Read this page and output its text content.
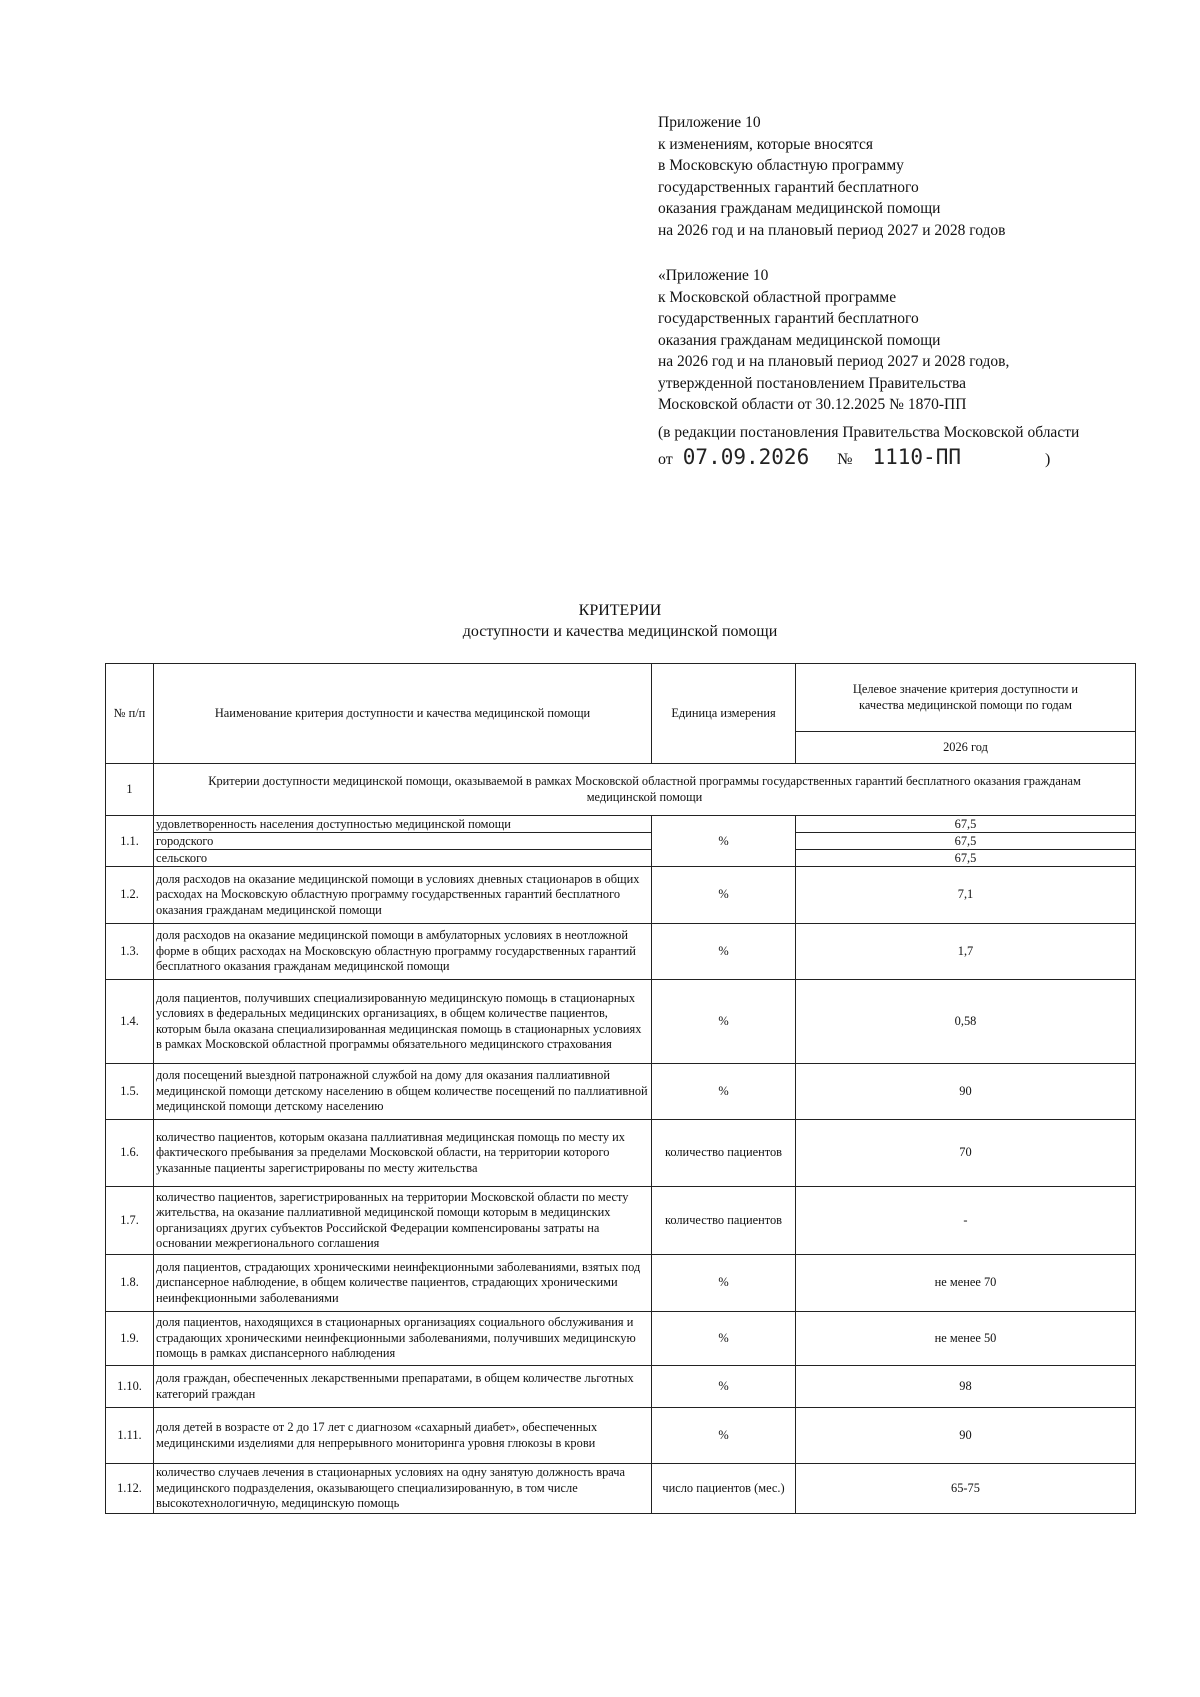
Приложение 10
к изменениям, которые вносятся
в Московскую областную программу
государственных гарантий бесплатного
оказания гражданам медицинской помощи
на 2026 год и на плановый период 2027 и 2028 годов
«Приложение 10
к Московской областной программе
государственных гарантий бесплатного
оказания гражданам медицинской помощи
на 2026 год и на плановый период 2027 и 2028 годов,
утвержденной постановлением Правительства
Московской области от 30.12.2025 № 1870-ПП
(в редакции постановления Правительства Московской области
от 07.09.2026 № 1110-ПП	)
КРИТЕРИИ
доступности и качества медицинской помощи
№ п/п	Наименование критерия доступности и качества медицинской помощи	Единица измерения	Целевое значение критерия доступности и качества медицинской помощи по годам
			2026 год
1	Критерии доступности медицинской помощи, оказываемой в рамках Московской областной программы государственных гарантий бесплатного оказания гражданам медицинской помощи		
1.1.	удовлетворенность населения доступностью медицинской помощи	%	67,5
	городского		67,5
	сельского		67,5
1.2.	доля расходов на оказание медицинской помощи в условиях дневных стационаров в общих расходах на Московскую областную программу государственных гарантий бесплатного оказания гражданам медицинской помощи	%	7,1
1.3.	доля расходов на оказание медицинской помощи в амбулаторных условиях в неотложной форме в общих расходах на Московскую областную программу государственных гарантий бесплатного оказания гражданам медицинской помощи	%	1,7
1.4.	доля пациентов, получивших специализированную медицинскую помощь в стационарных условиях в федеральных медицинских организациях, в общем количестве пациентов, которым была оказана специализированная медицинская помощь в стационарных условиях в рамках Московской областной программы обязательного медицинского страхования	%	0,58
1.5.	доля посещений выездной патронажной службой на дому для оказания паллиативной медицинской помощи детскому населению в общем количестве посещений по паллиативной медицинской помощи детскому населению	%	90
1.6.	количество пациентов, которым оказана паллиативная медицинская помощь по месту их фактического пребывания за пределами Московской области, на территории которого указанные пациенты зарегистрированы по месту жительства	количество пациентов	70
1.7.	количество пациентов, зарегистрированных на территории Московской области по месту жительства, на оказание паллиативной медицинской помощи которым в медицинских организациях других субъектов Российской Федерации компенсированы затраты на основании межрегионального соглашения	количество пациентов	-
1.8.	доля пациентов, страдающих хроническими неинфекционными заболеваниями, взятых под диспансерное наблюдение, в общем количестве пациентов, страдающих хроническими неинфекционными заболеваниями	%	не менее 70
1.9.	доля пациентов, находящихся в стационарных организациях социального обслуживания и страдающих хроническими неинфекционными заболеваниями, получивших медицинскую помощь в рамках диспансерного наблюдения	%	не менее 50
1.10.	доля граждан, обеспеченных лекарственными препаратами, в общем количестве льготных категорий граждан	%	98
1.11.	доля детей в возрасте от 2 до 17 лет с диагнозом «сахарный диабет», обеспеченных медицинскими изделиями для непрерывного мониторинга уровня глюкозы в крови	%	90
1.12.	количество случаев лечения в стационарных условиях на одну занятую должность врача медицинского подразделения, оказывающего специализированную, в том числе высокотехнологичную, медицинскую помощь	число пациентов (мес.)	65-75
